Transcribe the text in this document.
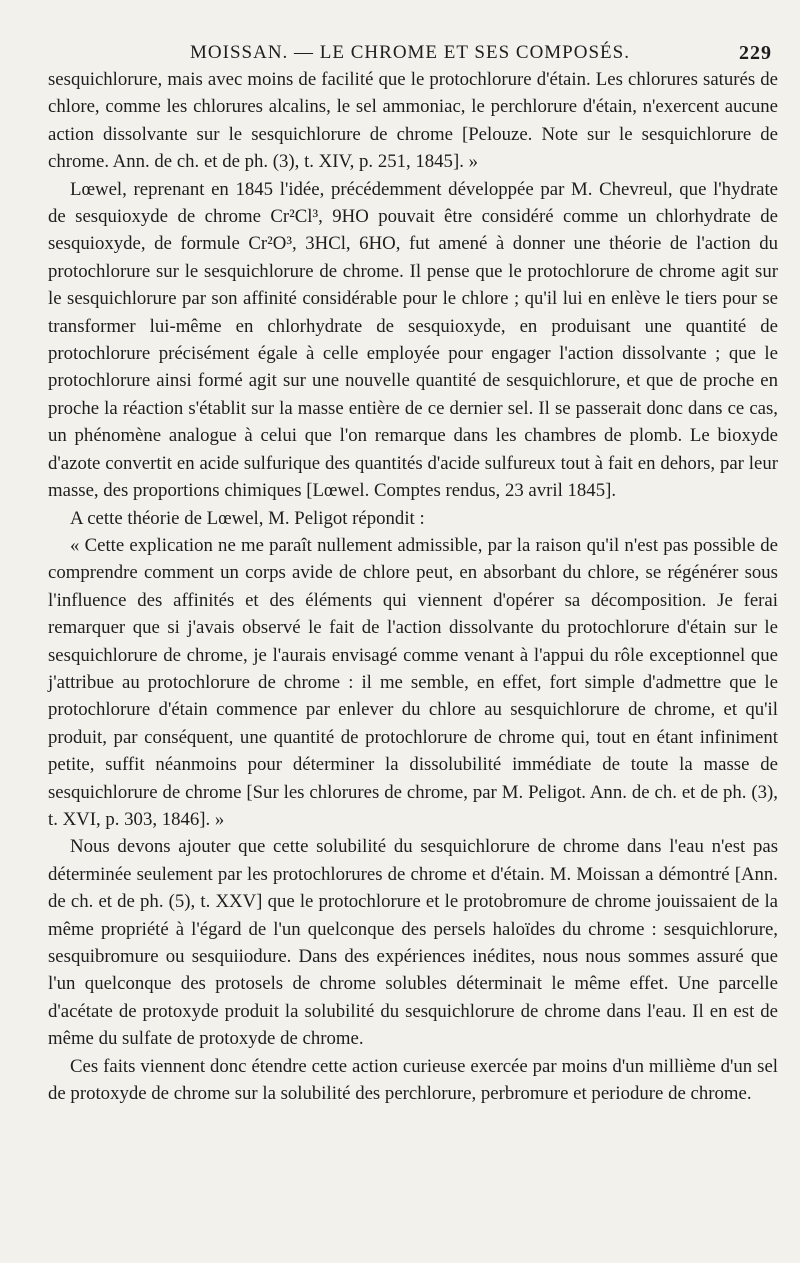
MOISSAN. — LE CHROME ET SES COMPOSÉS.	229

sesquichlorure, mais avec moins de facilité que le protochlorure d'étain. Les chlorures saturés de chlore, comme les chlorures alcalins, le sel ammoniac, le perchlorure d'étain, n'exercent aucune action dissolvante sur le sesquichlorure de chrome [Pelouze. Note sur le sesquichlorure de chrome. Ann. de ch. et de ph. (3), t. XIV, p. 251, 1845]. »

Lœwel, reprenant en 1845 l'idée, précédemment développée par M. Chevreul, que l'hydrate de sesquioxyde de chrome Cr²Cl³, 9HO pouvait être considéré comme un chlorhydrate de sesquioxyde, de formule Cr²O³, 3HCl, 6HO, fut amené à donner une théorie de l'action du protochlorure sur le sesquichlorure de chrome. Il pense que le protochlorure de chrome agit sur le sesquichlorure par son affinité considérable pour le chlore ; qu'il lui en enlève le tiers pour se transformer lui-même en chlorhydrate de sesquioxyde, en produisant une quantité de protochlorure précisément égale à celle employée pour engager l'action dissolvante ; que le protochlorure ainsi formé agit sur une nouvelle quantité de sesquichlorure, et que de proche en proche la réaction s'établit sur la masse entière de ce dernier sel. Il se passerait donc dans ce cas, un phénomène analogue à celui que l'on remarque dans les chambres de plomb. Le bioxyde d'azote convertit en acide sulfurique des quantités d'acide sulfureux tout à fait en dehors, par leur masse, des proportions chimiques [Lœwel. Comptes rendus, 23 avril 1845].

A cette théorie de Lœwel, M. Peligot répondit :

« Cette explication ne me paraît nullement admissible, par la raison qu'il n'est pas possible de comprendre comment un corps avide de chlore peut, en absorbant du chlore, se régénérer sous l'influence des affinités et des éléments qui viennent d'opérer sa décomposition. Je ferai remarquer que si j'avais observé le fait de l'action dissolvante du protochlorure d'étain sur le sesquichlorure de chrome, je l'aurais envisagé comme venant à l'appui du rôle exceptionnel que j'attribue au protochlorure de chrome : il me semble, en effet, fort simple d'admettre que le protochlorure d'étain commence par enlever du chlore au sesquichlorure de chrome, et qu'il produit, par conséquent, une quantité de protochlorure de chrome qui, tout en étant infiniment petite, suffit néanmoins pour déterminer la dissolubilité immédiate de toute la masse de sesquichlorure de chrome [Sur les chlorures de chrome, par M. Peligot. Ann. de ch. et de ph. (3), t. XVI, p. 303, 1846]. »

Nous devons ajouter que cette solubilité du sesquichlorure de chrome dans l'eau n'est pas déterminée seulement par les protochlorures de chrome et d'étain. M. Moissan a démontré [Ann. de ch. et de ph. (5), t. XXV] que le protochlorure et le protobromure de chrome jouissaient de la même propriété à l'égard de l'un quelconque des persels haloïdes du chrome : sesquichlorure, sesquibromure ou sesquiiodure. Dans des expériences inédites, nous nous sommes assuré que l'un quelconque des protosels de chrome solubles déterminait le même effet. Une parcelle d'acétate de protoxyde produit la solubilité du sesquichlorure de chrome dans l'eau. Il en est de même du sulfate de protoxyde de chrome.

Ces faits viennent donc étendre cette action curieuse exercée par moins d'un millième d'un sel de protoxyde de chrome sur la solubilité des perchlorure, perbromure et periodure de chrome.
